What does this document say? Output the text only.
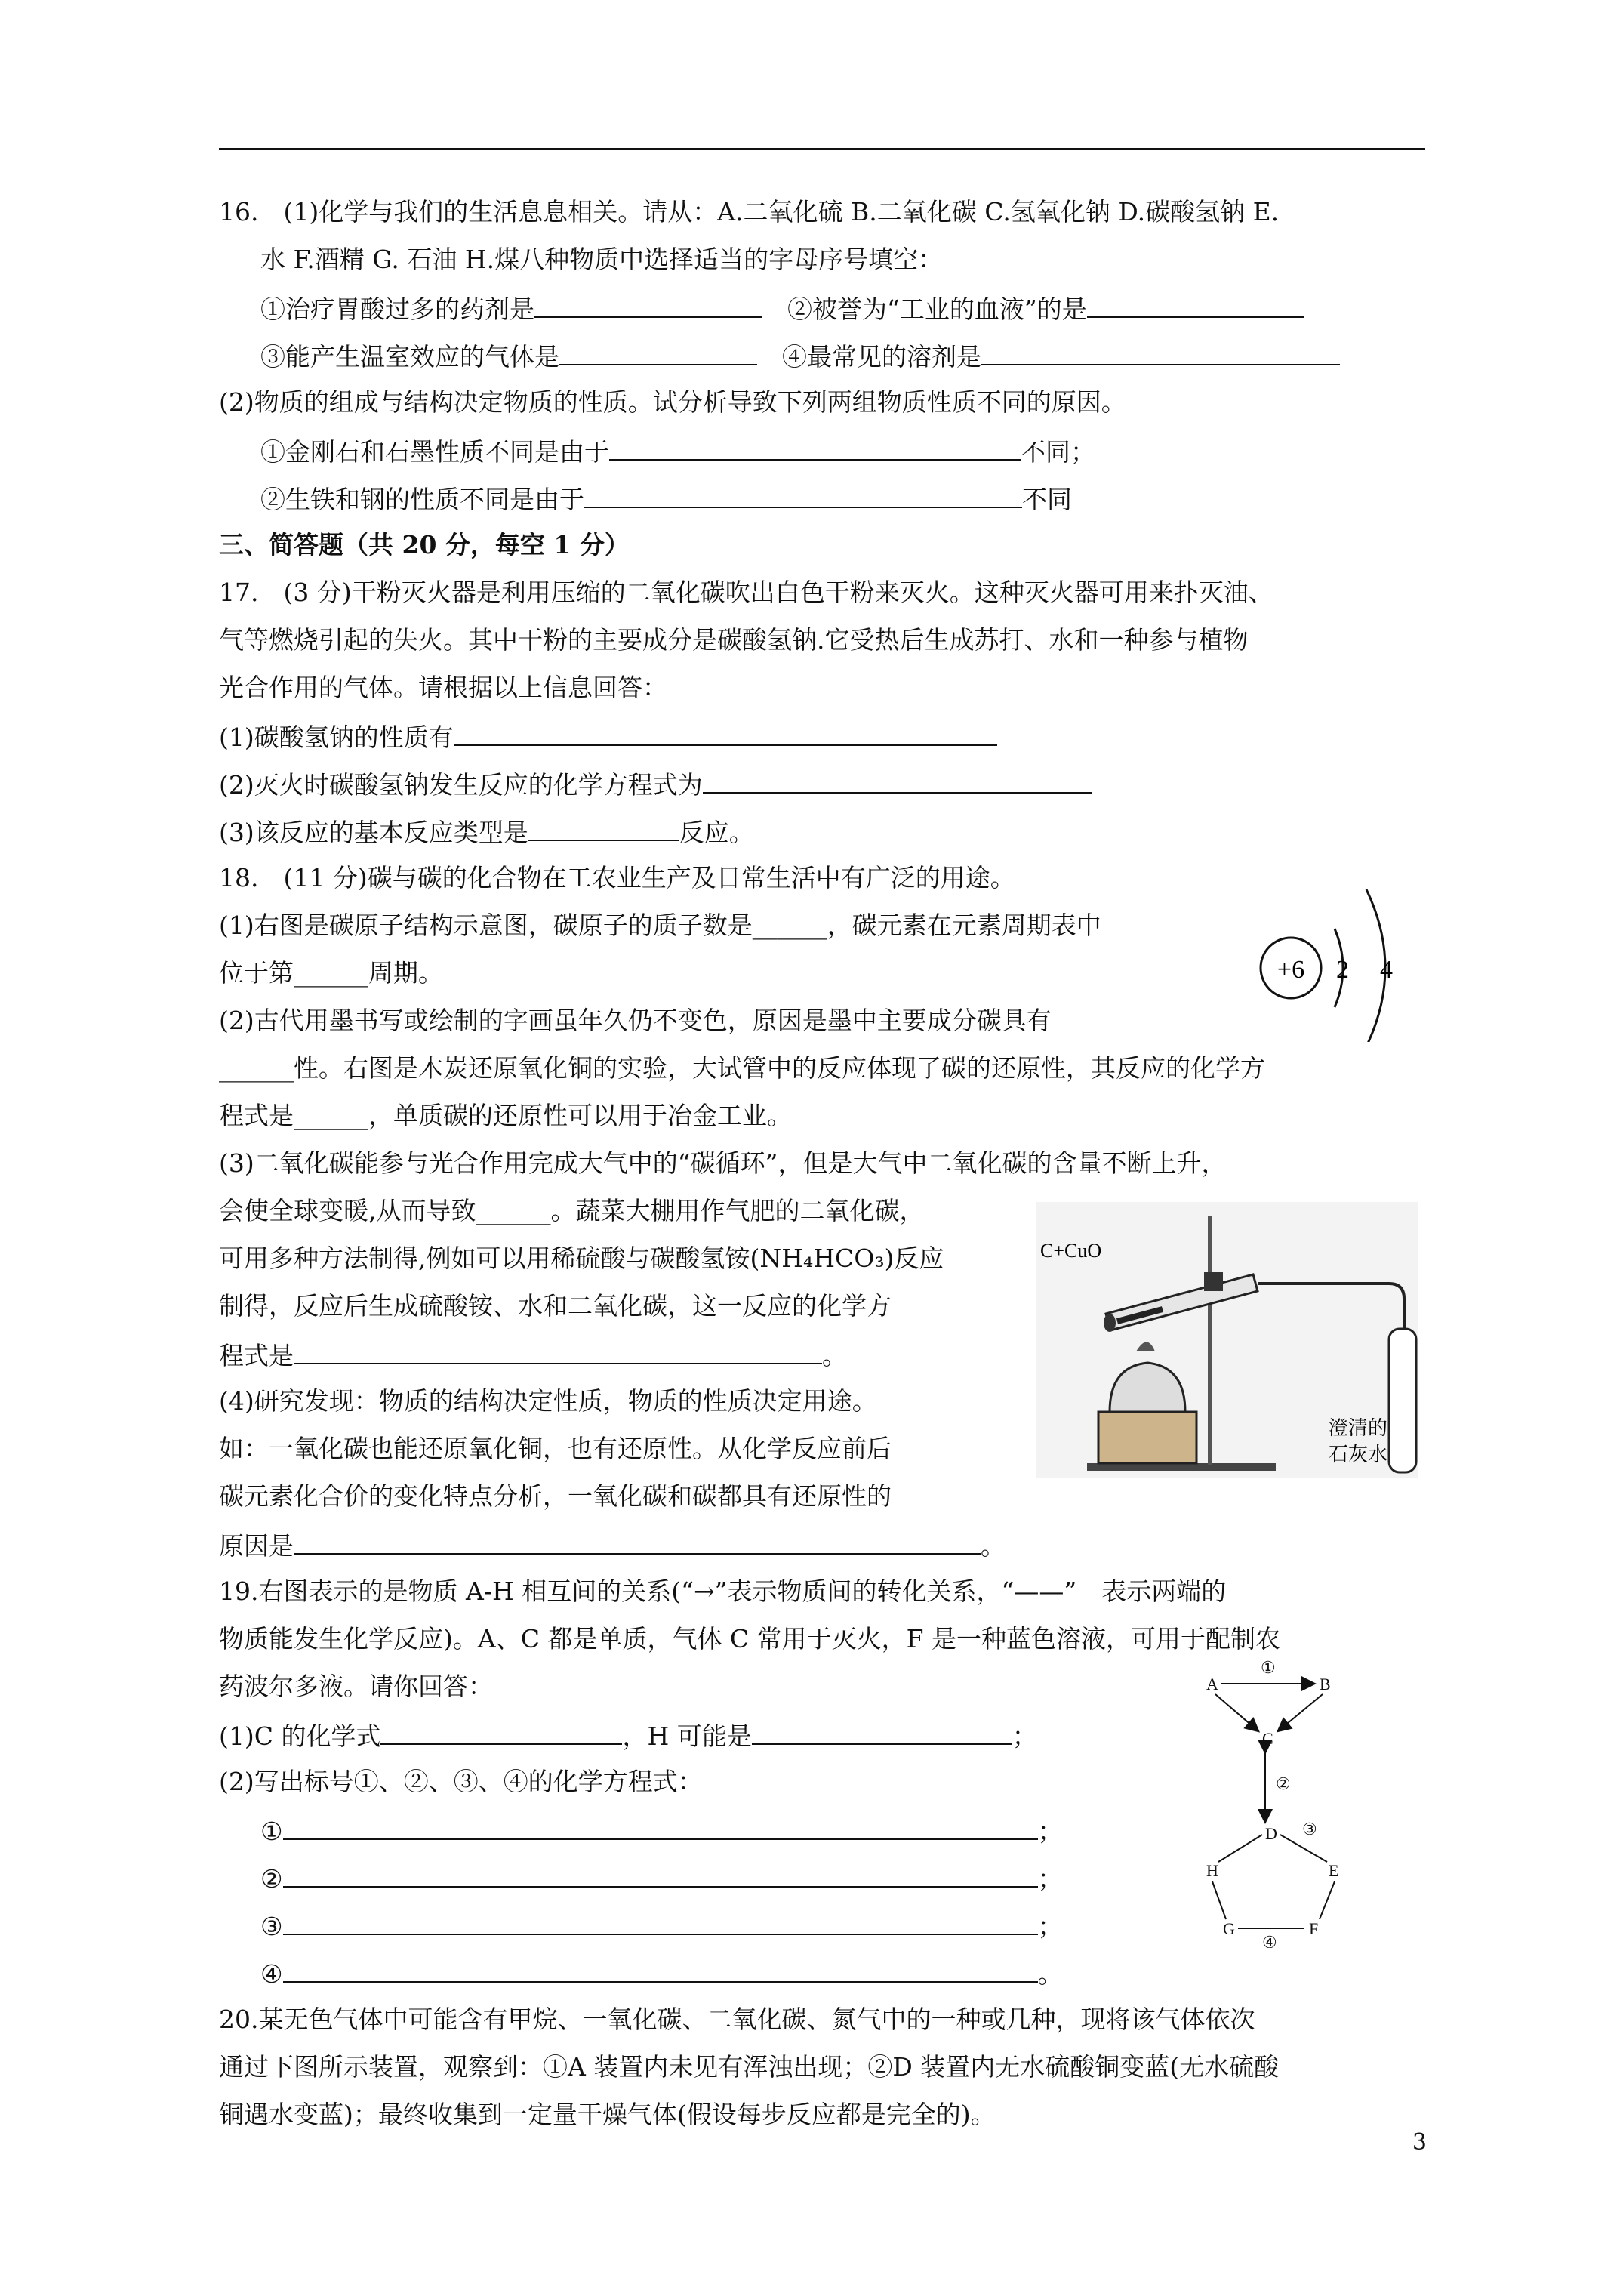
16.　(1)化学与我们的生活息息相关。请从：A.二氧化硫 B.二氧化碳 C.氢氧化钠 D.碳酸氢钠 E.
水 F.酒精 G. 石油 H.煤八种物质中选择适当的字母序号填空：
①治疗胃酸过多的药剂是　	②被誉为“工业的血液”的是
③能产生温室效应的气体是　	④最常见的溶剂是
(2)物质的组成与结构决定物质的性质。试分析导致下列两组物质性质不同的原因。
①金刚石和石墨性质不同是由于	不同；
②生铁和钢的性质不同是由于	不同
三、简答题（共 20 分，每空 1 分）
17.　(3 分)干粉灭火器是利用压缩的二氧化碳吹出白色干粉来灭火。这种灭火器可用来扑灭油、
气等燃烧引起的失火。其中干粉的主要成分是碳酸氢钠.它受热后生成苏打、水和一种参与植物
光合作用的气体。请根据以上信息回答：
(1)碳酸氢钠的性质有
(2)灭火时碳酸氢钠发生反应的化学方程式为
(3)该反应的基本反应类型是	反应。
18.　(11 分)碳与碳的化合物在工农业生产及日常生活中有广泛的用途。
(1)右图是碳原子结构示意图，碳原子的质子数是______，碳元素在元素周期表中
位于第______周期。
(2)古代用墨书写或绘制的字画虽年久仍不变色，原因是墨中主要成分碳具有
______性。右图是木炭还原氧化铜的实验，大试管中的反应体现了碳的还原性，其反应的化学方
程式是______，单质碳的还原性可以用于冶金工业。
(3)二氧化碳能参与光合作用完成大气中的“碳循环”，但是大气中二氧化碳的含量不断上升，
会使全球变暖,从而导致______。蔬菜大棚用作气肥的二氧化碳，
可用多种方法制得,例如可以用稀硫酸与碳酸氢铵(NH₄HCO₃)反应
制得，反应后生成硫酸铵、水和二氧化碳，这一反应的化学方
程式是	。
(4)研究发现：物质的结构决定性质，物质的性质决定用途。
如：一氧化碳也能还原氧化铜，也有还原性。从化学反应前后
碳元素化合价的变化特点分析，一氧化碳和碳都具有还原性的
原因是	。
+6 2 4
C+CuO
澄清的
石灰水
19.右图表示的是物质 A-H 相互间的关系(“→”表示物质间的转化关系，“——”　表示两端的
物质能发生化学反应)。A、C 都是单质，气体 C 常用于灭火，F 是一种蓝色溶液，可用于配制农
药波尔多液。请你回答：
(1)C 的化学式	，H 可能是	；
(2)写出标号①、②、③、④的化学方程式：
①	；
②	；
③	；
④	。
A	B
C
D
E
F
G
H
①
②
③
④
20.某无色气体中可能含有甲烷、一氧化碳、二氧化碳、氮气中的一种或几种，现将该气体依次
通过下图所示装置，观察到：①A 装置内未见有浑浊出现；②D 装置内无水硫酸铜变蓝(无水硫酸
铜遇水变蓝)；最终收集到一定量干燥气体(假设每步反应都是完全的)。
3
